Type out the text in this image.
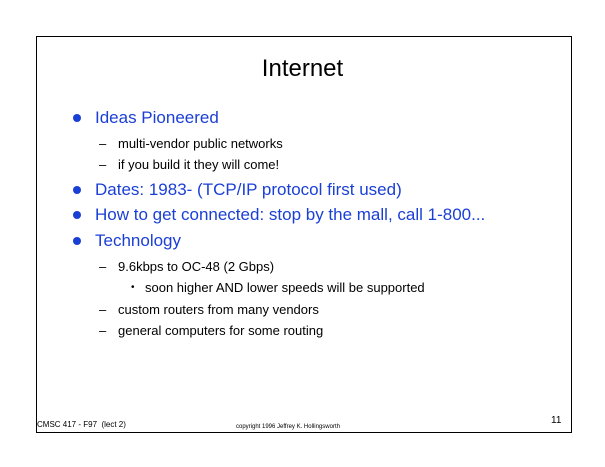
Internet
Ideas Pioneered
– multi-vendor public networks
– if you build it they will come!
Dates: 1983- (TCP/IP protocol first used)
How to get connected: stop by the mall, call 1-800...
Technology
– 9.6kbps to OC-48 (2 Gbps)
• soon higher AND lower speeds will be supported
– custom routers from many vendors
– general computers for some routing
CMSC 417 - F97  (lect 2)	copyright 1996 Jeffrey K. Hollingsworth
11
